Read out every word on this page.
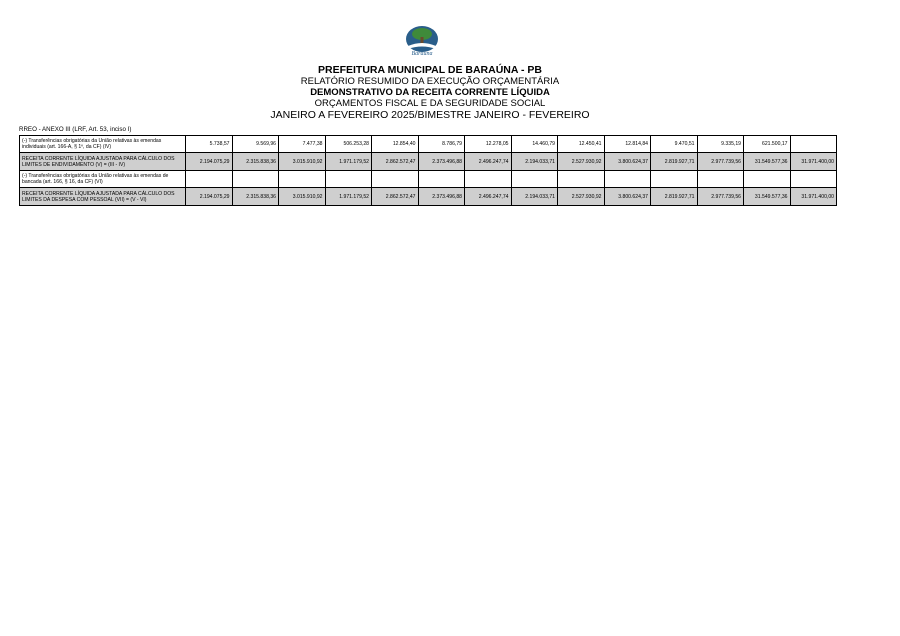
Baraúna
PREFEITURA MUNICIPAL DE BARAÚNA - PB
RELATÓRIO RESUMIDO DA EXECUÇÃO ORÇAMENTÁRIA
DEMONSTRATIVO DA RECEITA CORRENTE LÍQUIDA
ORÇAMENTOS FISCAL E DA SEGURIDADE SOCIAL
JANEIRO A FEVEREIRO 2025/BIMESTRE JANEIRO - FEVEREIRO
RREO - ANEXO III (LRF, Art. 53, inciso I)
(-) Transferências obrigatórias da União relativas às emendas individuais (art. 166-A, § 1º, da CF) (IV)	5.738,57	9.569,96	7.477,38	506.253,28	12.854,40	8.786,79	12.278,05	14.460,79	12.450,41	12.814,84	9.470,51	9.335,19	621.500,17	
RECEITA CORRENTE LÍQUIDA AJUSTADA PARA CÁLCULO DOS LIMITES DE ENDIVIDAMENTO (V) = (III - IV)	2.194.075,29	2.315.838,36	3.015.910,92	1.971.179,52	2.862.572,47	2.373.496,88	2.496.247,74	2.194.033,71	2.527.930,92	3.800.624,37	2.819.927,71	2.977.739,56	31.549.577,36	31.971.400,00
(-) Transferências obrigatórias da União relativas às emendas de bancada (art. 166, § 16, da CF) (VI)														
RECEITA CORRENTE LÍQUIDA AJUSTADA PARA CÁLCULO DOS LIMITES DA DESPESA COM PESSOAL (VII) = (V - VI)	2.194.075,29	2.315.838,36	3.015.910,92	1.971.179,52	2.862.572,47	2.373.496,88	2.496.247,74	2.194.033,71	2.527.930,92	3.800.624,37	2.819.927,71	2.977.739,56	31.549.577,36	31.971.400,00
